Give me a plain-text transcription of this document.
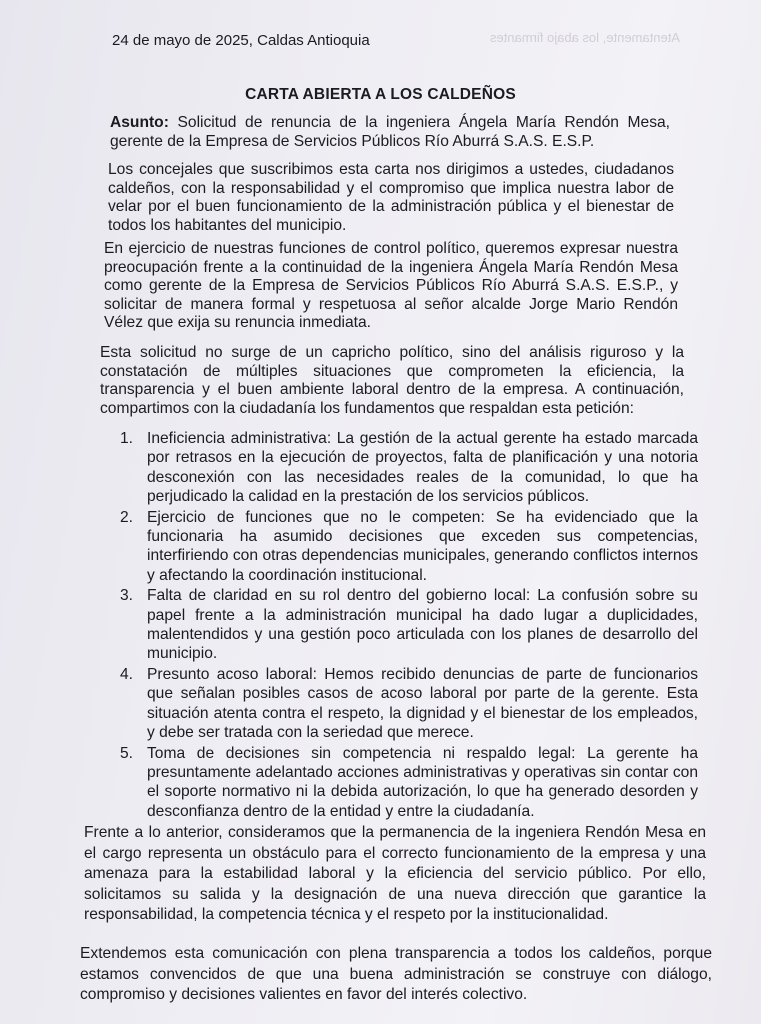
Atentamente, los abajo firmantes
24 de mayo de 2025, Caldas Antioquia
CARTA ABIERTA A LOS CALDEÑOS
Asunto: Solicitud de renuncia de la ingeniera Ángela María Rendón Mesa, gerente de la Empresa de Servicios Públicos Río Aburrá S.A.S. E.S.P.
Los concejales que suscribimos esta carta nos dirigimos a ustedes, ciudadanos caldeños, con la responsabilidad y el compromiso que implica nuestra labor de velar por el buen funcionamiento de la administración pública y el bienestar de todos los habitantes del municipio.
En ejercicio de nuestras funciones de control político, queremos expresar nuestra preocupación frente a la continuidad de la ingeniera Ángela María Rendón Mesa como gerente de la Empresa de Servicios Públicos Río Aburrá S.A.S. E.S.P., y solicitar de manera formal y respetuosa al señor alcalde Jorge Mario Rendón Vélez que exija su renuncia inmediata.
Esta solicitud no surge de un capricho político, sino del análisis riguroso y la constatación de múltiples situaciones que comprometen la eficiencia, la transparencia y el buen ambiente laboral dentro de la empresa. A continuación, compartimos con la ciudadanía los fundamentos que respaldan esta petición:
1. Ineficiencia administrativa: La gestión de la actual gerente ha estado marcada por retrasos en la ejecución de proyectos, falta de planificación y una notoria desconexión con las necesidades reales de la comunidad, lo que ha perjudicado la calidad en la prestación de los servicios públicos.
2. Ejercicio de funciones que no le competen: Se ha evidenciado que la funcionaria ha asumido decisiones que exceden sus competencias, interfiriendo con otras dependencias municipales, generando conflictos internos y afectando la coordinación institucional.
3. Falta de claridad en su rol dentro del gobierno local: La confusión sobre su papel frente a la administración municipal ha dado lugar a duplicidades, malentendidos y una gestión poco articulada con los planes de desarrollo del municipio.
4. Presunto acoso laboral: Hemos recibido denuncias de parte de funcionarios que señalan posibles casos de acoso laboral por parte de la gerente. Esta situación atenta contra el respeto, la dignidad y el bienestar de los empleados, y debe ser tratada con la seriedad que merece.
5. Toma de decisiones sin competencia ni respaldo legal: La gerente ha presuntamente adelantado acciones administrativas y operativas sin contar con el soporte normativo ni la debida autorización, lo que ha generado desorden y desconfianza dentro de la entidad y entre la ciudadanía.
Frente a lo anterior, consideramos que la permanencia de la ingeniera Rendón Mesa en el cargo representa un obstáculo para el correcto funcionamiento de la empresa y una amenaza para la estabilidad laboral y la eficiencia del servicio público. Por ello, solicitamos su salida y la designación de una nueva dirección que garantice la responsabilidad, la competencia técnica y el respeto por la institucionalidad.
Extendemos esta comunicación con plena transparencia a todos los caldeños, porque estamos convencidos de que una buena administración se construye con diálogo, compromiso y decisiones valientes en favor del interés colectivo.
